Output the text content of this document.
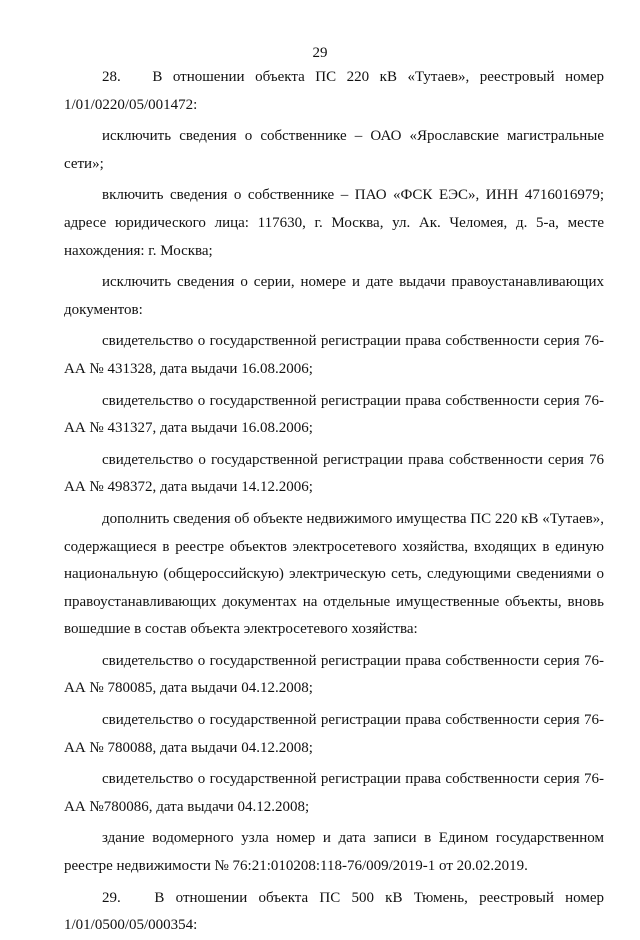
29

28.   В отношении объекта ПС 220 кВ «Тутаев», реестровый номер 1/01/0220/05/001472:

исключить сведения о собственнике – ОАО «Ярославские магистральные сети»;

включить сведения о собственнике – ПАО «ФСК ЕЭС», ИНН 4716016979; адресе юридического лица: 117630, г. Москва, ул. Ак. Челомея, д. 5-а, месте нахождения: г. Москва;

исключить сведения о серии, номере и дате выдачи правоустанавливающих документов:

свидетельство о государственной регистрации права собственности серия 76-АА № 431328, дата выдачи 16.08.2006;

свидетельство о государственной регистрации права собственности серия 76-АА № 431327, дата выдачи 16.08.2006;

свидетельство о государственной регистрации права собственности серия 76 АА № 498372, дата выдачи 14.12.2006;

дополнить сведения об объекте недвижимого имущества ПС 220 кВ «Тутаев», содержащиеся в реестре объектов электросетевого хозяйства, входящих в единую национальную (общероссийскую) электрическую сеть, следующими сведениями о правоустанавливающих документах на отдельные имущественные объекты, вновь вошедшие в состав объекта электросетевого хозяйства:

свидетельство о государственной регистрации права собственности серия 76-АА № 780085, дата выдачи 04.12.2008;

свидетельство о государственной регистрации права собственности серия 76-АА № 780088, дата выдачи 04.12.2008;

свидетельство о государственной регистрации права собственности серия 76-АА №780086, дата выдачи 04.12.2008;

здание водомерного узла номер и дата записи в Едином государственном реестре недвижимости № 76:21:010208:118-76/009/2019-1 от 20.02.2019.

29.   В отношении объекта ПС 500 кВ Тюмень, реестровый номер 1/01/0500/05/000354:
